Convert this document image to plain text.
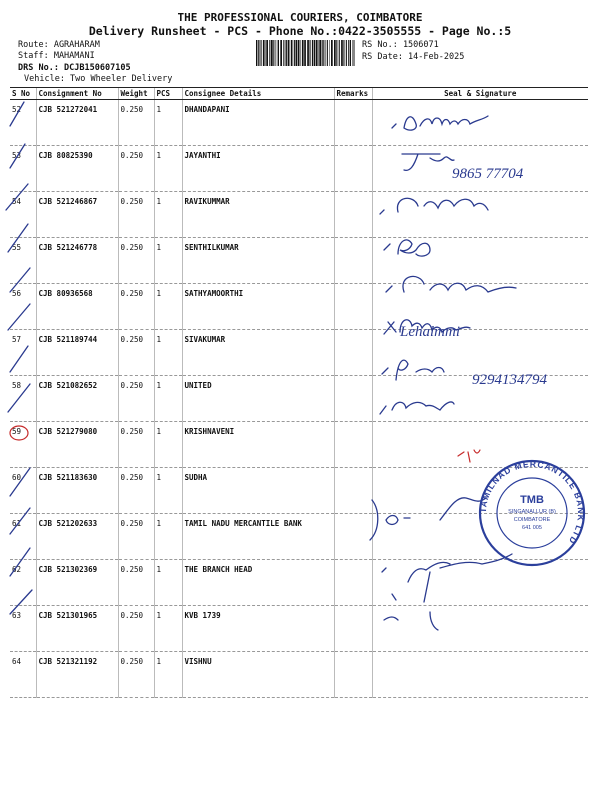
THE PROFESSIONAL COURIERS, COIMBATORE
Delivery Runsheet - PCS - Phone No.:0422-3505555 - Page No.:5
Route: AGRAHARAM
Staff: MAHAMANI
DRS No.: DCJB150607105
Vehicle: Two Wheeler Delivery
RS No.: 1506071
RS Date: 14-Feb-2025
S No	Consignment No	Weight	PCS	Consignee Details	Remarks	Seal & Signature
52	CJB 521272041	0.250	1	DHANDAPANI		
53	CJB 80825390	0.250	1	JAYANTHI		
54	CJB 521246867	0.250	1	RAVIKUMMAR		
55	CJB 521246778	0.250	1	SENTHILKUMAR		
56	CJB 80936568	0.250	1	SATHYAMOORTHI		
57	CJB 521189744	0.250	1	SIVAKUMAR		
58	CJB 521082652	0.250	1	UNITED		
59	CJB 521279080	0.250	1	KRISHNAVENI		
60	CJB 521183630	0.250	1	SUDHA		
61	CJB 521202633	0.250	1	TAMIL NADU MERCANTILE BANK		
62	CJB 521302369	0.250	1	THE BRANCH HEAD		
63	CJB 521301965	0.250	1	KVB 1739		
64	CJB 521321192	0.250	1	VISHNU		
9865 77704
9294134794
Lehalmmi
TAMILNAD MERCANTILE BANK LTD
TMB
SINGANALLUR (B)
COIMBATORE
641 005
